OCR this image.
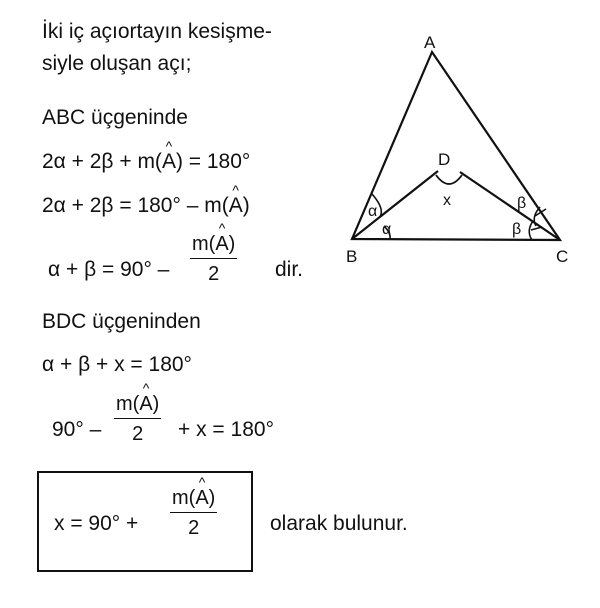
İki iç açıortayın kesişme-
siyle oluşan açı;
ABC üçgeninde
2α + 2β + m(
^
A) = 180°
2α + 2β = 180° – m(
^
A)
α + β = 90° –
m(
^
A)
2	dir.
BDC üçgeninden
α + β + x = 180°
90° –
m(
^
A)
2 + x = 180°
x = 90° +
m(
^
A)
2	olarak bulunur.
A
B	C
D
x
α
α
β
β
